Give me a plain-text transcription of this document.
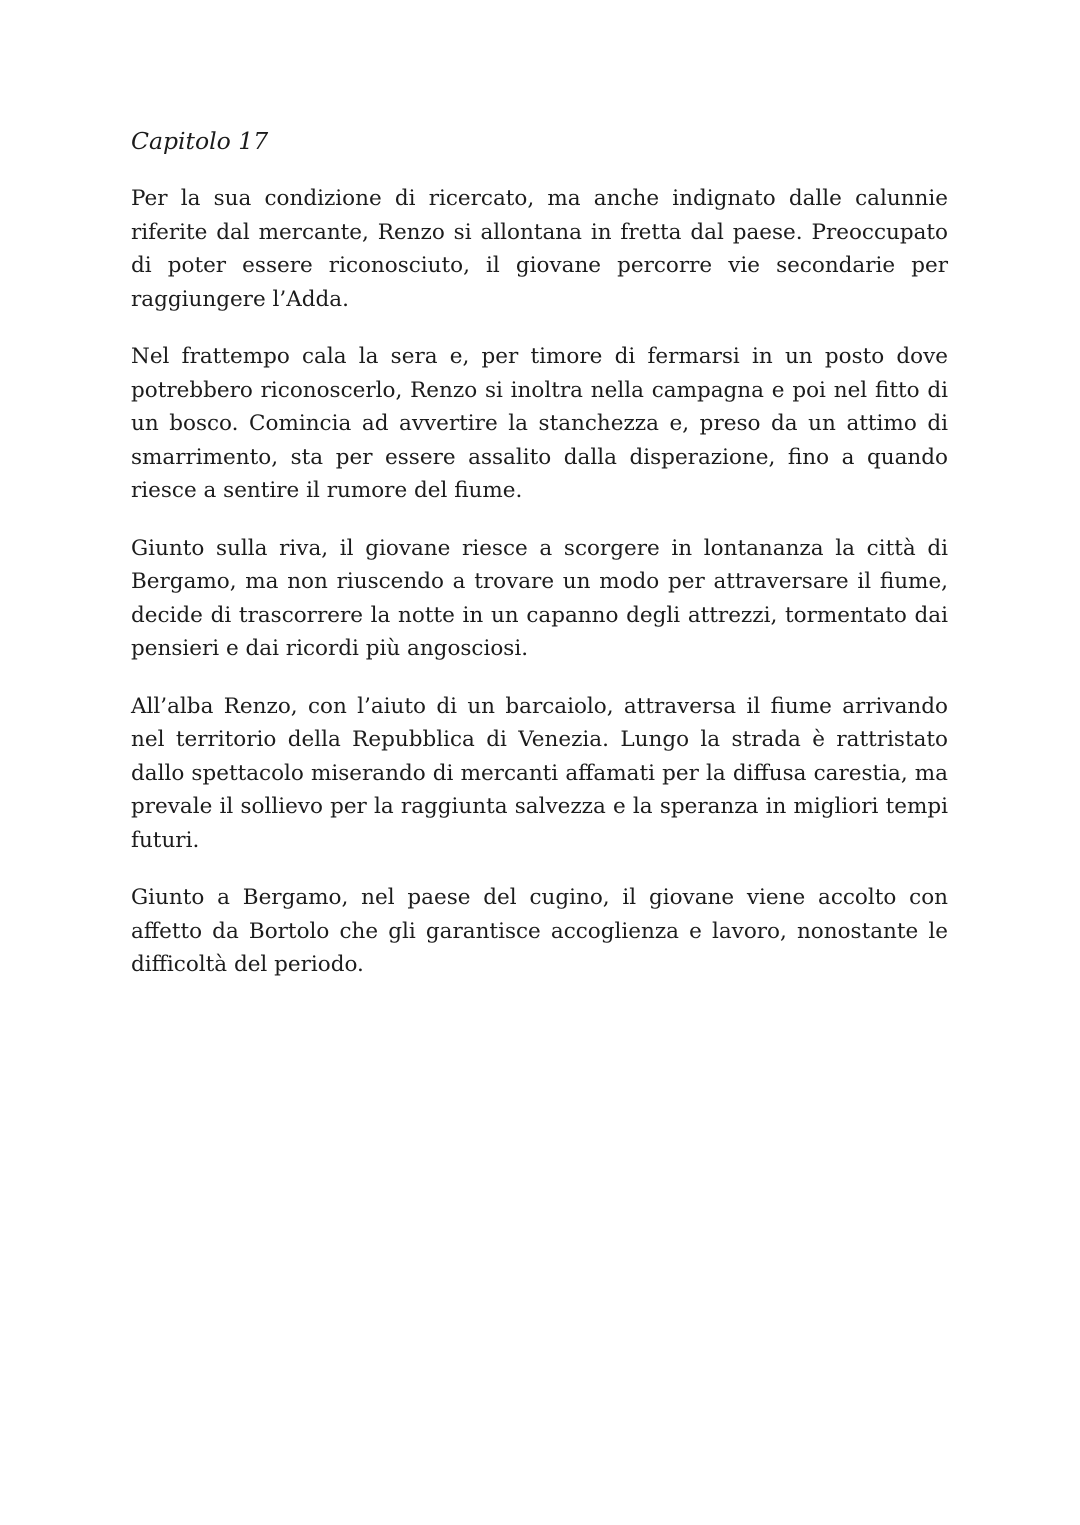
Capitolo 17

Per la sua condizione di ricercato, ma anche indignato dalle calunnie riferite dal mercante, Renzo si allontana in fretta dal paese. Preoccupato di poter essere riconosciuto, il giovane percorre vie secondarie per raggiungere l’Adda.

Nel frattempo cala la sera e, per timore di fermarsi in un posto dove potrebbero riconoscerlo, Renzo si inoltra nella campagna e poi nel fitto di un bosco. Comincia ad avvertire la stanchezza e, preso da un attimo di smarrimento, sta per essere assalito dalla disperazione, fino a quando riesce a sentire il rumore del fiume.

Giunto sulla riva, il giovane riesce a scorgere in lontananza la città di Bergamo, ma non riuscendo a trovare un modo per attraversare il fiume, decide di trascorrere la notte in un capanno degli attrezzi, tormentato dai pensieri e dai ricordi più angosciosi.

All’alba Renzo, con l’aiuto di un barcaiolo, attraversa il fiume arrivando nel territorio della Repubblica di Venezia. Lungo la strada è rattristato dallo spettacolo miserando di mercanti affamati per la diffusa carestia, ma prevale il sollievo per la raggiunta salvezza e la speranza in migliori tempi futuri.

Giunto a Bergamo, nel paese del cugino, il giovane viene accolto con affetto da Bortolo che gli garantisce accoglienza e lavoro, nonostante le difficoltà del periodo.
